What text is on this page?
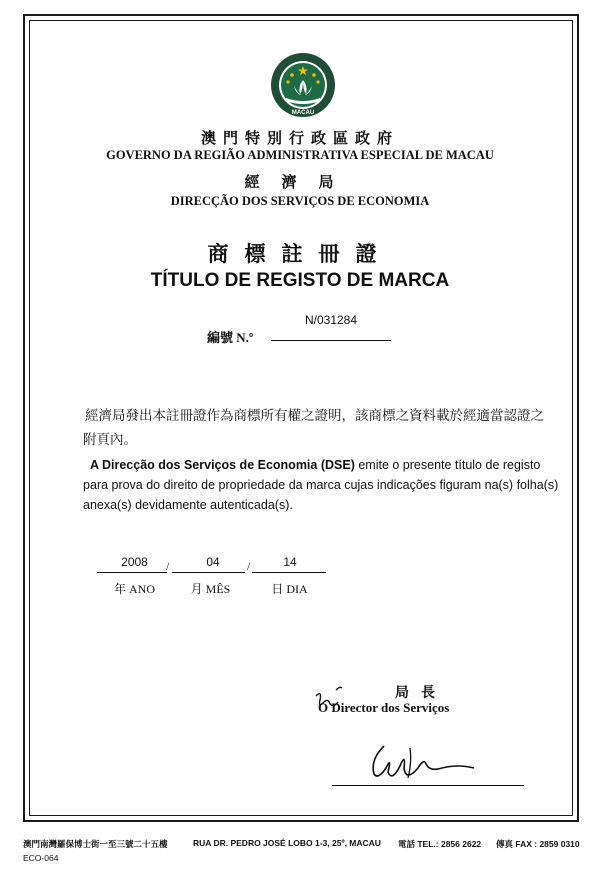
MACAU
澳門特別行政區政府
GOVERNO DA REGIÃO ADMINISTRATIVA ESPECIAL DE MACAU
經濟局
DIRECÇÃO DOS SERVIÇOS DE ECONOMIA
商標註冊證
TÍTULO DE REGISTO DE MARCA
編號 N.º
N/031284
經濟局發出本註冊證作為商標所有權之證明，該商標之資料載於經適當認證之附頁內。
A Direcção dos Serviços de Economia (DSE) emite o presente título de registo para prova do direito de propriedade da marca cujas indicações figuram na(s) folha(s) anexa(s) devidamente autenticada(s).
2008	04	14
/	/
年 ANO	月 MÊS	日 DIA
局長
O Director dos Serviços
澳門南灣羅保博士街一至三號二十五樓	RUA DR. PEDRO JOSÉ LOBO 1-3, 25º, MACAU 電話 TEL.: 2856 2622 傳真 FAX : 2859 0310
ECO-064
